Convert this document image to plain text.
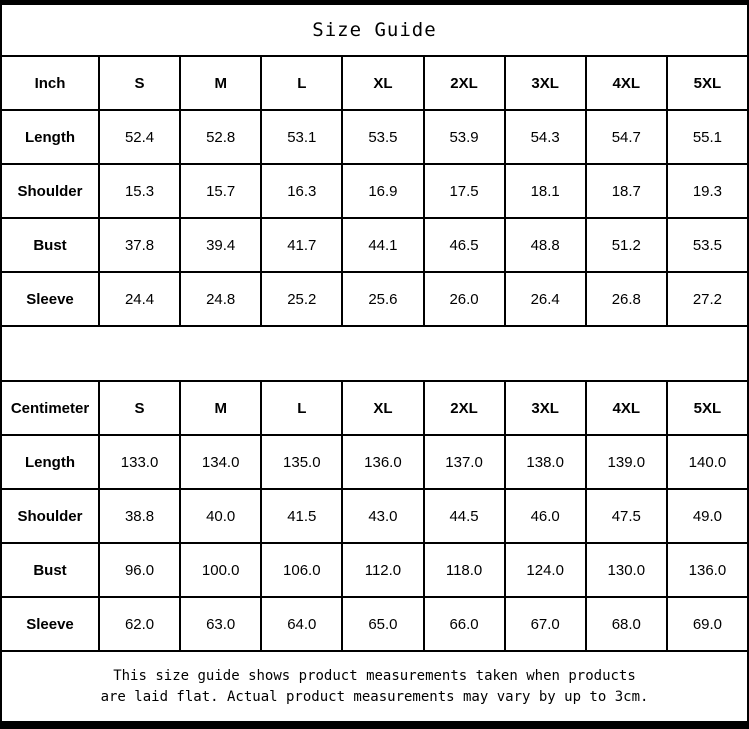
Size Guide
Inch	S	M	L	XL	2XL	3XL	4XL	5XL
Length	52.4	52.8	53.1	53.5	53.9	54.3	54.7	55.1
Shoulder	15.3	15.7	16.3	16.9	17.5	18.1	18.7	19.3
Bust	37.8	39.4	41.7	44.1	46.5	48.8	51.2	53.5
Sleeve	24.4	24.8	25.2	25.6	26.0	26.4	26.8	27.2
Centimeter	S	M	L	XL	2XL	3XL	4XL	5XL
Length	133.0	134.0	135.0	136.0	137.0	138.0	139.0	140.0
Shoulder	38.8	40.0	41.5	43.0	44.5	46.0	47.5	49.0
Bust	96.0	100.0	106.0	112.0	118.0	124.0	130.0	136.0
Sleeve	62.0	63.0	64.0	65.0	66.0	67.0	68.0	69.0
This size guide shows product measurements taken when products
are laid flat. Actual product measurements may vary by up to 3cm.
